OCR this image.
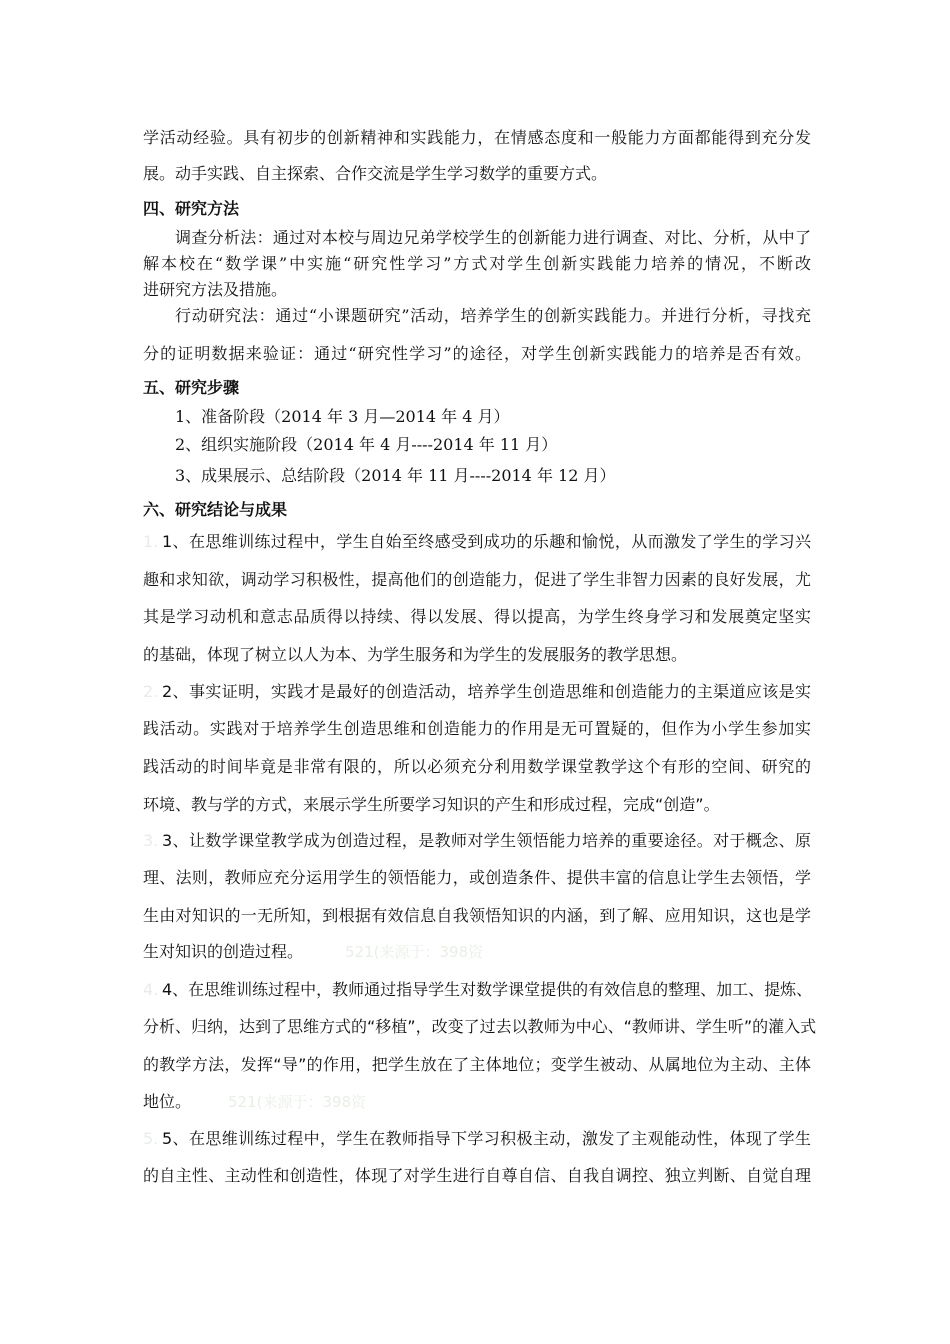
学活动经验。具有初步的创新精神和实践能力，在情感态度和一般能力方面都能得到充分发
展。动手实践、自主探索、合作交流是学生学习数学的重要方式。
四、研究方法
调查分析法：通过对本校与周边兄弟学校学生的创新能力进行调查、对比、分析，从中了
解本校在“数学课”中实施“研究性学习”方式对学生创新实践能力培养的情况，不断改
进研究方法及措施。
行动研究法：通过“小课题研究”活动，培养学生的创新实践能力。并进行分析，寻找充
分的证明数据来验证：通过“研究性学习”的途径，对学生创新实践能力的培养是否有效。
五、研究步骤
1、准备阶段（2014 年 3 月—2014 年 4 月）
2、组织实施阶段（2014 年 4 月----2014 年 11 月）
3、成果展示、总结阶段（2014 年 11 月----2014 年 12 月）
六、研究结论与成果
1. 1、在思维训练过程中，学生自始至终感受到成功的乐趣和愉悦，从而激发了学生的学习兴
趣和求知欲，调动学习积极性，提高他们的创造能力，促进了学生非智力因素的良好发展，尤
其是学习动机和意志品质得以持续、得以发展、得以提高，为学生终身学习和发展奠定坚实
的基础，体现了树立以人为本、为学生服务和为学生的发展服务的教学思想。
2. 2、事实证明，实践才是最好的创造活动，培养学生创造思维和创造能力的主渠道应该是实
践活动。实践对于培养学生创造思维和创造能力的作用是无可置疑的，但作为小学生参加实
践活动的时间毕竟是非常有限的，所以必须充分利用数学课堂教学这个有形的空间、研究的
环境、教与学的方式，来展示学生所要学习知识的产生和形成过程，完成“创造”。
3. 3、让数学课堂教学成为创造过程，是教师对学生领悟能力培养的重要途径。对于概念、原
理、法则，教师应充分运用学生的领悟能力，或创造条件、提供丰富的信息让学生去领悟，学
生由对知识的一无所知，到根据有效信息自我领悟知识的内涵，到了解、应用知识，这也是学
生对知识的创造过程。	521(来源于：398资
4. 4、在思维训练过程中，教师通过指导学生对数学课堂提供的有效信息的整理、加工、提炼、
分析、归纳，达到了思维方式的“移植”，改变了过去以教师为中心、“教师讲、学生听”的灌入式
的教学方法，发挥“导”的作用，把学生放在了主体地位；变学生被动、从属地位为主动、主体
地位。	521(来源于：398资
5. 5、在思维训练过程中，学生在教师指导下学习积极主动，激发了主观能动性，体现了学生
的自主性、主动性和创造性，体现了对学生进行自尊自信、自我自调控、独立判断、自觉自理
